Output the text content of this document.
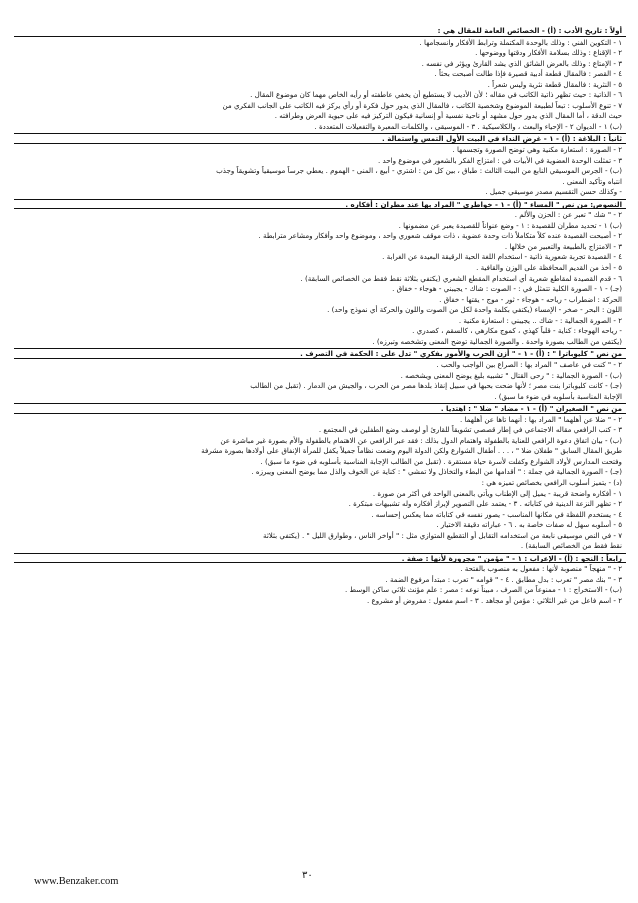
أولاً : تاريخ الأدب : (أ) - الخصائص العامة للمقال هي :
١ - التكوين الفني : وذلك بالوحدة المكتملة وترابط الأفكار وانسجامها .
٢ - الإقناع : وذلك بسلامة الأفكار ودقتها ووضوحها .
٣ - الإمتاع : وذلك بالعرض الشائق الذي يشد القارئ ويؤثر في نفسه .
٤ - القصر : فالمقال قطعة أدبية قصيرة فإذا طالت أصبحت بحثاً .
٥ - النثرية : فالمقال قطعة نثرية وليس شعراً .
٦ - الذاتية : حيث تظهر ذاتية الكاتب في مقاله ؛ لأن الأديب لا يستطيع أن يخفي عاطفته أو رأيه الخاص مهما كان موضوع المقال .
٧ - تنوع الأسلوب : تبعاً لطبيعة الموضوع وشخصية الكاتب ، فالمقال الذي يدور حول فكرة أو رأي يركز فيه الكاتب على الجانب الفكري من
حيث الدقة ، أما المقال الذي يدور حول مشهد أو ناحية نفسية أو إنسانية فيكون التركيز فيه على حيوية العرض وطرافته .
(ب) ١ - الديوان ٢ - الإحياء والبعث ، والكلاسيكية . ٣ - الموسيقى ، والكلمات المعبرة والتفعيلات المتعددة .
ثانياً : البلاغة : (أ) - ١ - غرض النداء في البيت الأول التمس واستمالة .
٢ - الصورة : استعارة مكنية وهي توضح الصورة وتجسمها .
٣ - تمثلت الوحدة العضوية في الأبيات في : امتزاج الفكر بالشعور في موضوع واحد .
(ب) - الجرس الموسيقي النابع من البيت الثالث : طباق ، بين كل من : اشتري - أبيع ، المنى - الهموم . يعطي جرساً موسيقياً وتشويقاً وجذب
انتباه وتأكيد المعنى .
- وكذلك حسن التقسيم مصدر موسيقي جميل .
النصوص: من نص " المساء " (أ) - ١ - خواطري " المراد بها عند مطران : أفكاره .
٢ - " شك " تعبر عن : الحزن والألم .
(ب) ١ - تحديد مطران للقصيدة : ١ - وضع عنواناً للقصيدة يعبر عن مضمونها .
٢ - أصبحت القصيدة عنده كلاً متكاملاً ذات وحدة عضوية ، ذات موقف شعوري واحد ، وموضوع واحد وأفكار ومشاعر مترابطة .
٣ - الامتزاج بالطبيعة والتعبير من خلالها .
٤ - القصيدة تجربة شعورية ذاتية - استخدام اللغة الحية الرقيقة البعيدة عن الغرابة .
٥ - أخذ من القديم المحافظة على الوزن والقافية .
٦ - قدم القصيدة لمقاطع شعرية أي استخدام المقطع الشعري (يكتفي بثلاثة نقط فقط من الخصائص السابقة) .
(جـ) - ١ - الصورة الكلية تتمثل في : - الصوت : شاك - يجيبني - هوجاء - خفاق .
الحركة : اضطراب - رياحه - هوجاء - ثور - موج - يقتها - خفاق .
اللون : البحر - صخر - الإمساء (يكتفي بكلمة واحدة لكل من الصوت واللون والحركة أي نموذج واحد) .
٢ - الصورة الجمالية : - شاك .. يجيبني : استعارة مكنية .
- رياحه الهوجاء : كناية - قلباً كهذي ، كموج مكارهي ، كالسقم ، كصدري .
(يكتفي من الطالب بصورة واحدة . والصورة الجمالية توضح المعنى وتشخصه وتبرزه) .
من نص " كليوباترا " : (أ) - ١ - " أزن الحرب والأمور بفكري " تدل على : الحكمة في التصرف .
٢ - " كنت في عاصف " المراد بها : الصراع بين الواجب والحب .
(ب) - الصورة الجمالية : " رحى القتال " تشبيه بليغ يوضح المعنى ويشخصه .
(جـ) - كانت كليوباترا بنت مصر ؛ لأنها ضحت بحبها في سبيل إنقاذ بلدها مصر من الحرب ، والجيش من الدمار . (تقبل من الطالب
الإجابة المناسبة بأسلوبه في ضوء ما سبق) .
من نص " الصغيران " (أ) - ١ - مضاد " ضلا " : اهتديا .
٢ - " ضلا عن أهلهما " المراد بها : أنهما تاها عن أهلهما .
٣ - كتب الرافعي مقاله الاجتماعي في إطار قصصي تشويقاً للقارئ أو لوصف وضع الطفلين في المجتمع .
(ب) - بيان اتفاق دعوة الرافعي للعناية بالطفولة واهتمام الدول بذلك : فقد عبر الرافعي عن الاهتمام بالطفولة والأم بصورة غير مباشرة عن
طريق المقال السابق " طفلان ضلا " ، . . . أطفال الشوارع ولكن الدولة اليوم وضعت نظاماً جميلاً يكفل للمرأة الإنفاق على أولادها بصورة مشرفة
وفتحت المدارس لأولاد الشوارع وكفلت لأسرة حياة مستقرة . (تقبل من الطالب الإجابة المناسبة بأسلوبه في ضوء ما سبق) .
(جـ) - الصورة الجمالية في جملة : " أقدامها من البطء والتخاذل ولا تمشي " : كناية عن الخوف والذل مما يوضح المعنى ويبرزه .
(د) - يتميز أسلوب الرافعي بخصائص تميزه هي :
١ - أفكاره واضحة قريبة - يميل إلى الإطناب ويأتي بالمعنى الواحد في أكثر من صورة .
٢ - تظهر النزعة الدينية في كتاباته . ٣ - يعتمد على التصوير لإبراز أفكاره وله تشبيهات مبتكرة .
٤ - يستخدم اللفظة في مكانها المناسب - يصور نفسه في كتاباته مما يعكس إحساسه .
٥ - أسلوبه سهل له صفات خاصة به . ٦ - عباراته دقيقة الاختيار .
٧ - في النص موسيقى نابعة من استخدامه التقابل أو التقطيع المتوازي مثل : " أواخر الناس ، وطوارق الليل " . (يكتفي بثلاثة
نقط فقط من الخصائص السابقة) .
رابعاً : النحو : (أ) - الإعراب : ١ - " مؤمن " مجرورة لأنها : صفة .
٢ - " منهجاً " منصوبة لأنها : مفعول به منصوب بالفتحة .
٣ - " بنك مصر " تعرب : بدل مطابق . ٤ - " قوامه " تعرب : مبتدأ مرفوع الضمة .
(ب) - الاستخراج : ١ - ممنوعاً من الصرف ، مبيناً نوعه : مصر : علم مؤنث ثلاثي ساكن الوسط .
٢ - اسم فاعل من غير الثلاثي : مؤمن أو مجاهد . ٣ - اسم مفعول : مفروض أو مشروع .
www.Benzaker.com
٣٠
